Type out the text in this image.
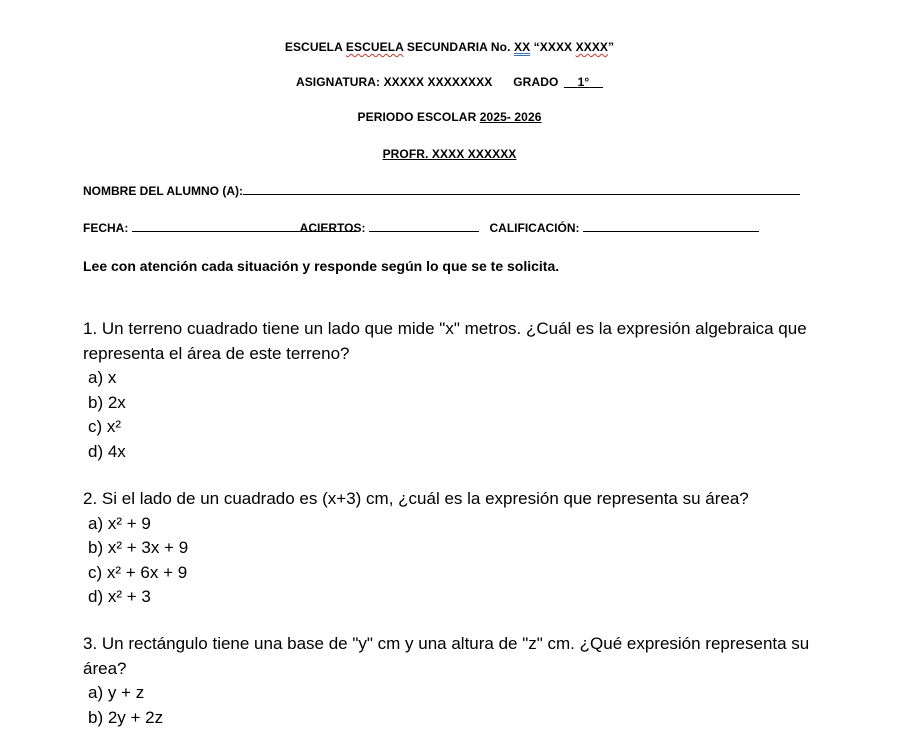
ESCUELA ESCUELA SECUNDARIA No. XX “XXXX XXXX”
ASIGNATURA: XXXXX XXXXXXXX GRADO 1°
PERIODO ESCOLAR 2025- 2026
PROFR. XXXX XXXXXX
NOMBRE DEL ALUMNO (A):
FECHA:	ACIERTOS:	CALIFICACIÓN:
Lee con atención cada situación y responde según lo que se te solicita.
1. Un terreno cuadrado tiene un lado que mide "x" metros. ¿Cuál es la expresión algebraica que representa el área de este terreno?
a) x
b) 2x
c) x²
d) 4x
2. Si el lado de un cuadrado es (x+3) cm, ¿cuál es la expresión que representa su área?
a) x² + 9
b) x² + 3x + 9
c) x² + 6x + 9
d) x² + 3
3. Un rectángulo tiene una base de "y" cm y una altura de "z" cm. ¿Qué expresión representa su área?
a) y + z
b) 2y + 2z
